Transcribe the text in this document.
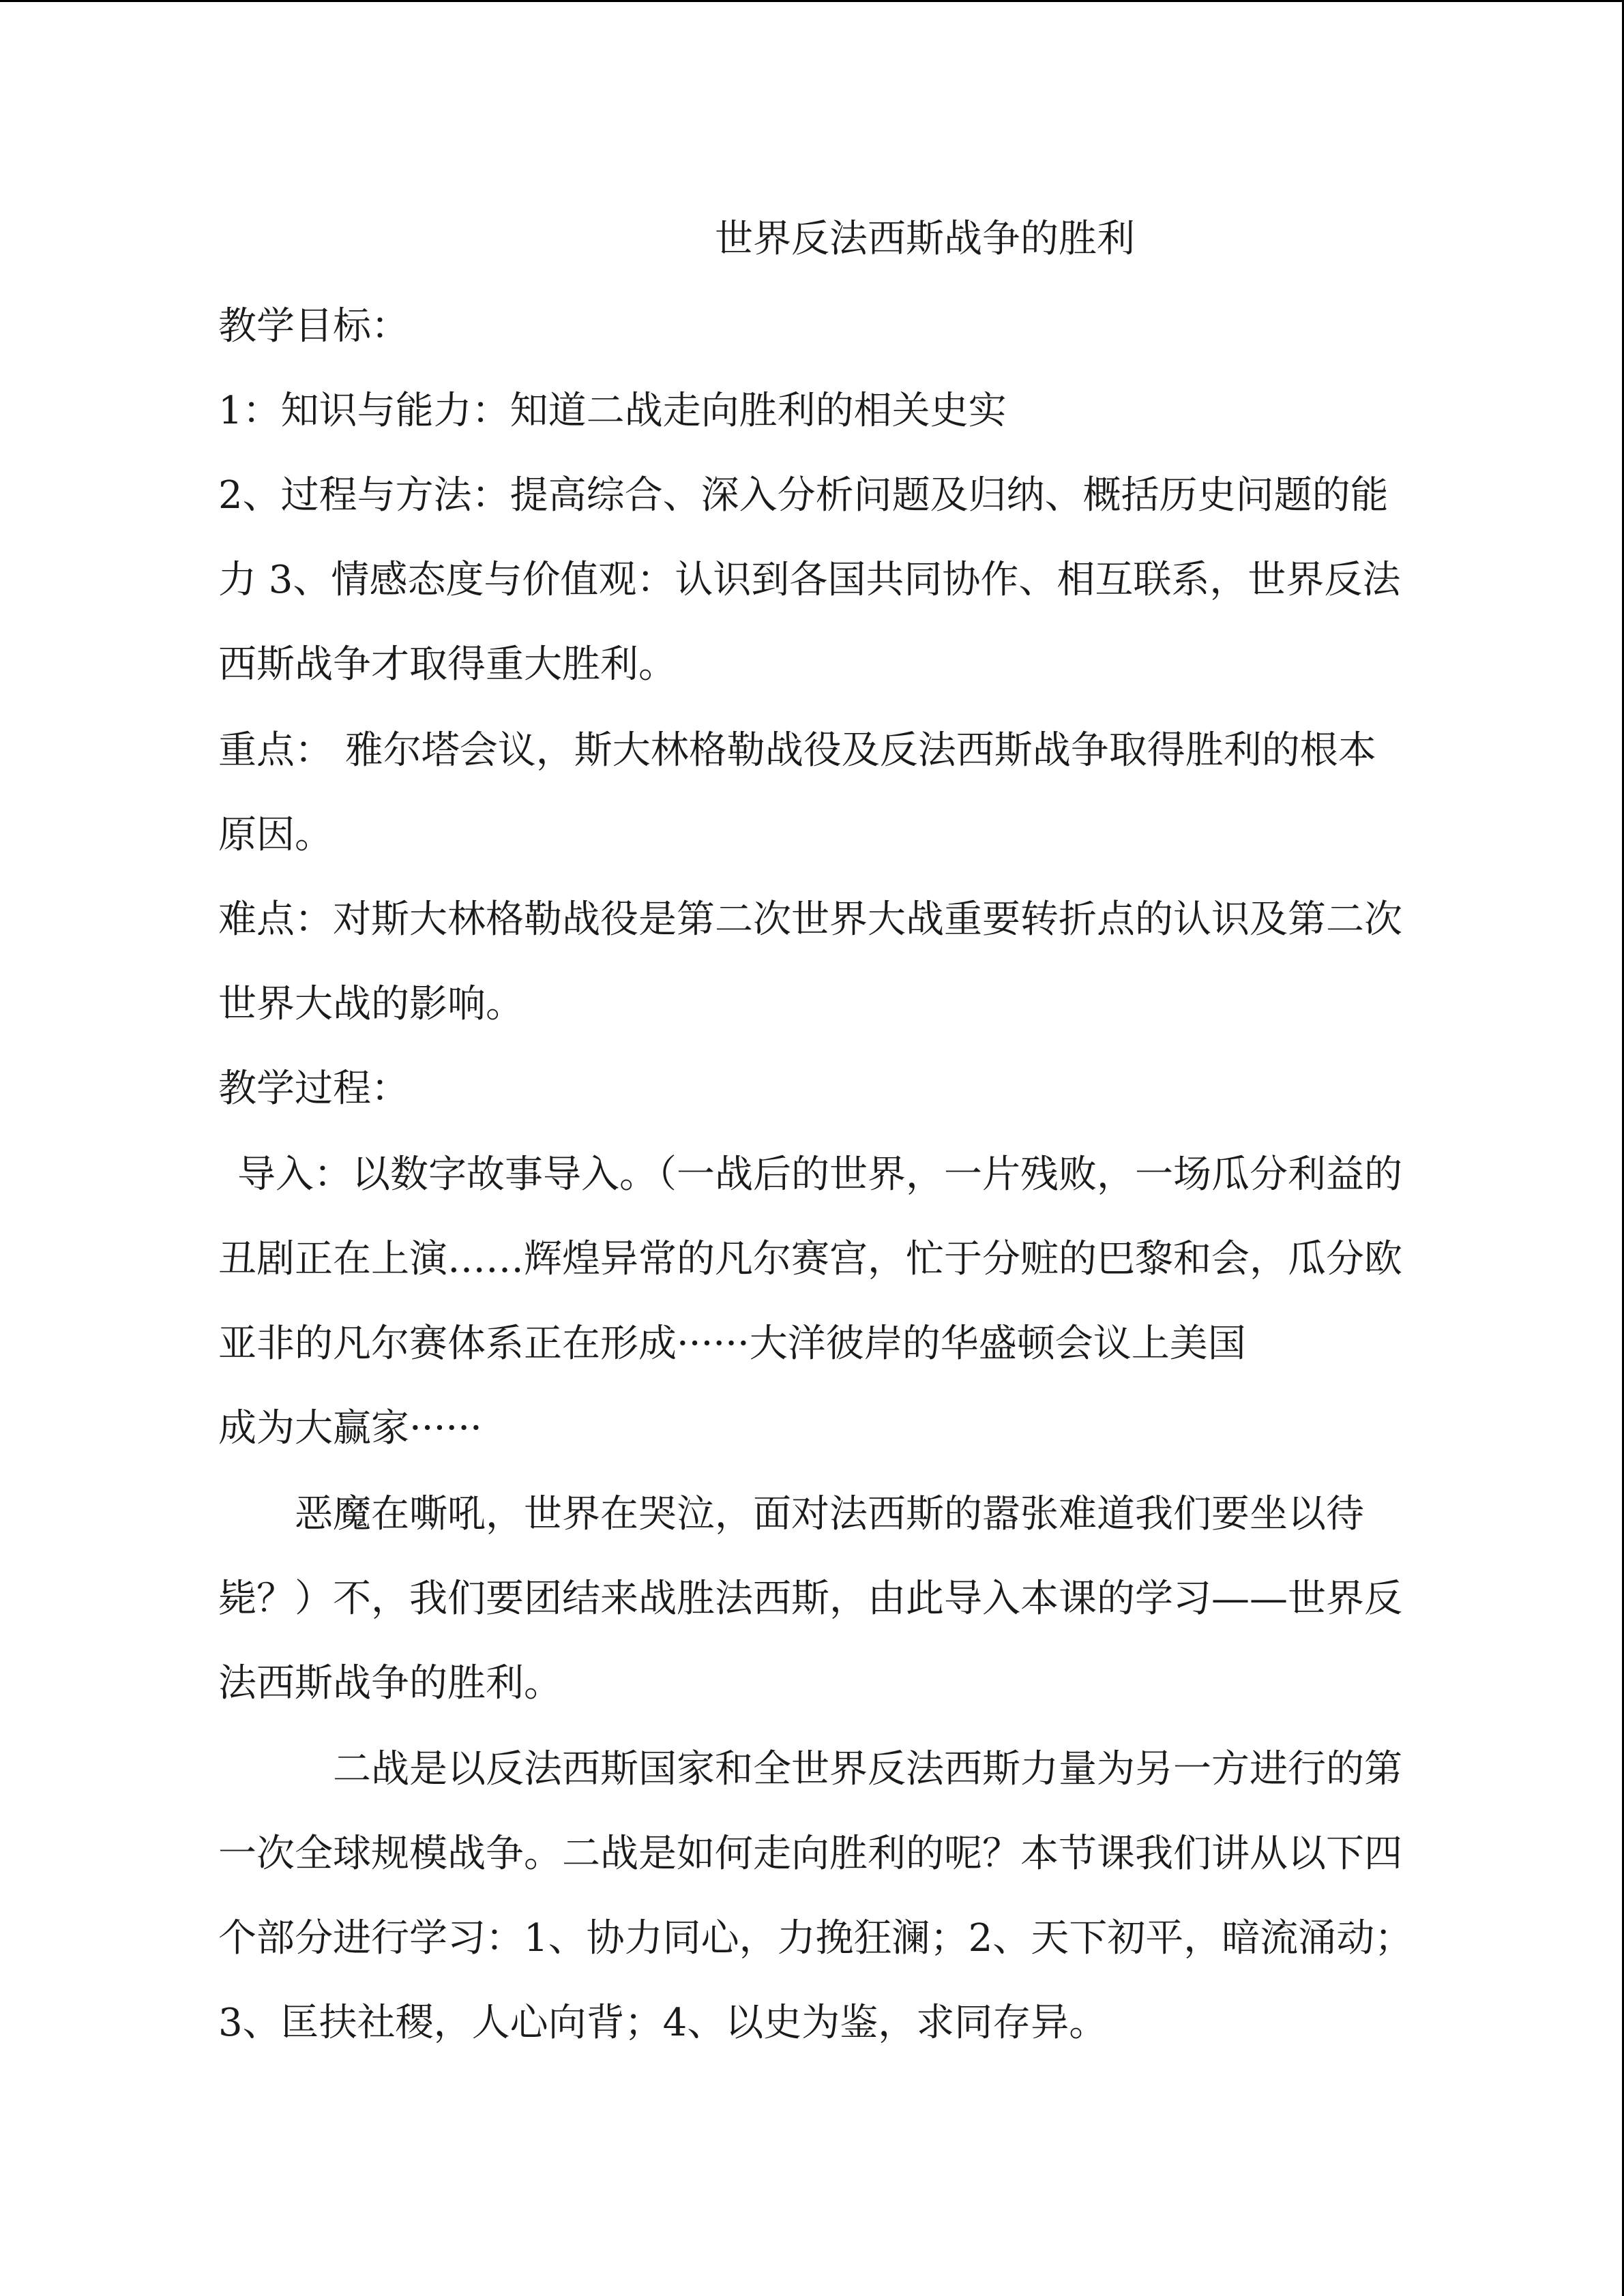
世界反法西斯战争的胜利
教学目标：
1：知识与能力：知道二战走向胜利的相关史实
2、过程与方法：提高综合、深入分析问题及归纳、概括历史问题的能
力 3、情感态度与价值观：认识到各国共同协作、相互联系，世界反法
西斯战争才取得重大胜利。
重点： 雅尔塔会议，斯大林格勒战役及反法西斯战争取得胜利的根本
原因。
难点：对斯大林格勒战役是第二次世界大战重要转折点的认识及第二次
世界大战的影响。
教学过程：
导入：以数字故事导入。（一战后的世界，一片残败，一场瓜分利益的
丑剧正在上演……辉煌异常的凡尔赛宫，忙于分赃的巴黎和会，瓜分欧
亚非的凡尔赛体系正在形成······大洋彼岸的华盛顿会议上美国
成为大赢家······
恶魔在嘶吼，世界在哭泣，面对法西斯的嚣张难道我们要坐以待
毙？）不，我们要团结来战胜法西斯，由此导入本课的学习——世界反
法西斯战争的胜利。
二战是以反法西斯国家和全世界反法西斯力量为另一方进行的第
一次全球规模战争。二战是如何走向胜利的呢？本节课我们讲从以下四
个部分进行学习：1、协力同心，力挽狂澜；2、天下初平，暗流涌动；
3、匡扶社稷，人心向背；4、以史为鉴，求同存异。
